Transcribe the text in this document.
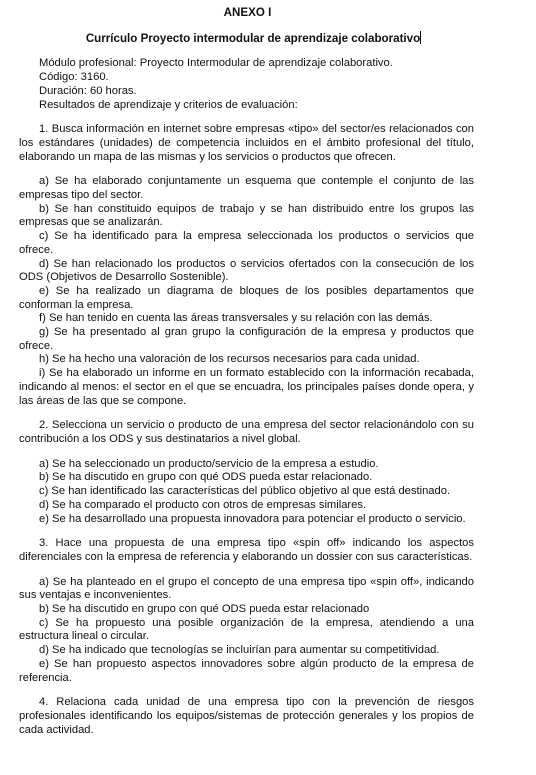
ANEXO I
Currículo Proyecto intermodular de aprendizaje colaborativo
Módulo profesional: Proyecto Intermodular de aprendizaje colaborativo.
Código: 3160.
Duración: 60 horas.
Resultados de aprendizaje y criterios de evaluación:
1. Busca información en internet sobre empresas «tipo» del sector/es relacionados con los estándares (unidades) de competencia incluidos en el ámbito profesional del título, elaborando un mapa de las mismas y los servicios o productos que ofrecen.
a) Se ha elaborado conjuntamente un esquema que contemple el conjunto de las empresas tipo del sector.
b) Se han constituido equipos de trabajo y se han distribuido entre los grupos las empresas que se analizarán.
c) Se ha identificado para la empresa seleccionada los productos o servicios que ofrece.
d) Se han relacionado los productos o servicios ofertados con la consecución de los ODS (Objetivos de Desarrollo Sostenible).
e) Se ha realizado un diagrama de bloques de los posibles departamentos que conforman la empresa.
f) Se han tenido en cuenta las áreas transversales y su relación con las demás.
g) Se ha presentado al gran grupo la configuración de la empresa y productos que ofrece.
h) Se ha hecho una valoración de los recursos necesarios para cada unidad.
i) Se ha elaborado un informe en un formato establecido con la información recabada, indicando al menos: el sector en el que se encuadra, los principales países donde opera, y las áreas de las que se compone.
2. Selecciona un servicio o producto de una empresa del sector relacionándolo con su contribución a los ODS y sus destinatarios a nivel global.
a) Se ha seleccionado un producto/servicio de la empresa a estudio.
b) Se ha discutido en grupo con qué ODS pueda estar relacionado.
c) Se han identificado las características del público objetivo al que está destinado.
d) Se ha comparado el producto con otros de empresas similares.
e) Se ha desarrollado una propuesta innovadora para potenciar el producto o servicio.
3. Hace una propuesta de una empresa tipo «spin off» indicando los aspectos diferenciales con la empresa de referencia y elaborando un dossier con sus características.
a) Se ha planteado en el grupo el concepto de una empresa tipo «spin off», indicando sus ventajas e inconvenientes.
b) Se ha discutido en grupo con qué ODS pueda estar relacionado
c) Se ha propuesto una posible organización de la empresa, atendiendo a una estructura lineal o circular.
d) Se ha indicado que tecnologías se incluirían para aumentar su competitividad.
e) Se han propuesto aspectos innovadores sobre algún producto de la empresa de referencia.
4. Relaciona cada unidad de una empresa tipo con la prevención de riesgos profesionales identificando los equipos/sistemas de protección generales y los propios de cada actividad.
